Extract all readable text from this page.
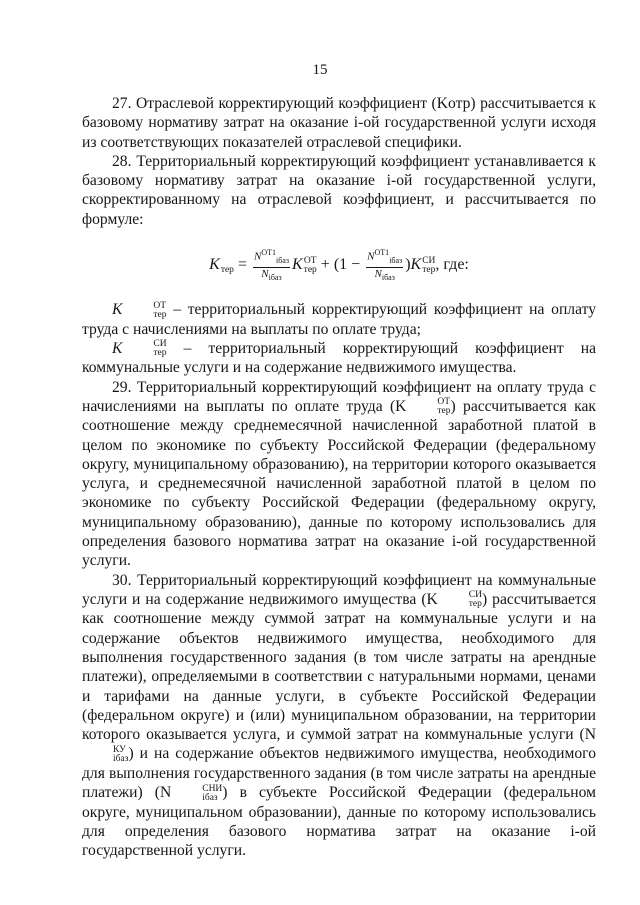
15

27. Отраслевой корректирующий коэффициент (Kотр) рассчитывается к базовому нормативу затрат на оказание i-ой государственной услуги исходя из соответствующих показателей отраслевой специфики.

28. Территориальный корректирующий коэффициент устанавливается к базовому нормативу затрат на оказание i-ой государственной услуги, скорректированному на отраслевой коэффициент, и рассчитывается по формуле:

K
тер
=
$\frac{N^{ОТ1}_{iбаз}}{N_{iбаз}}$ K ОТ
тер
+ (1 −
$\frac{N^{ОТ1}_{iбаз}}{N_{iбаз}}$ ) K СИ
тер , где:

K	ОТ
тер – территориальный корректирующий коэффициент на оплату труда с начислениями на выплаты по оплате труда;

K	СИ
тер – территориальный корректирующий коэффициент на коммунальные услуги и на содержание недвижимого имущества.

29. Территориальный корректирующий коэффициент на оплату труда с начислениями на выплаты по оплате труда (K	ОТ
тер ) рассчитывается как соотношение между среднемесячной начисленной заработной платой в целом по экономике по субъекту Российской Федерации (федеральному округу, муниципальному образованию), на территории которого оказывается услуга, и среднемесячной начисленной заработной платой в целом по экономике по субъекту Российской Федерации (федеральному округу, муниципальному образованию), данные по которому использовались для определения базового норматива затрат на оказание i-ой государственной услуги.

30. Территориальный корректирующий коэффициент на коммунальные услуги и на содержание недвижимого имущества (K	СИ
тер ) рассчитывается как соотношение между суммой затрат на коммунальные услуги и на содержание объектов недвижимого имущества, необходимого для выполнения государственного задания (в том числе затраты на арендные платежи), определяемыми в соответствии с натуральными нормами, ценами и тарифами на данные услуги, в субъекте Российской Федерации (федеральном округе) и (или) муниципальном образовании, на территории которого оказывается услуга, и суммой затрат на коммунальные услуги (N
КУ
iбаз ) и на содержание объектов недвижимого имущества, необходимого для выполнения государственного задания (в том числе затраты на арендные платежи) (N	СНИ
iбаз ) в субъекте Российской Федерации (федеральном округе, муниципальном образовании), данные по которому использовались для определения базового норматива затрат на оказание i-ой государственной услуги.
